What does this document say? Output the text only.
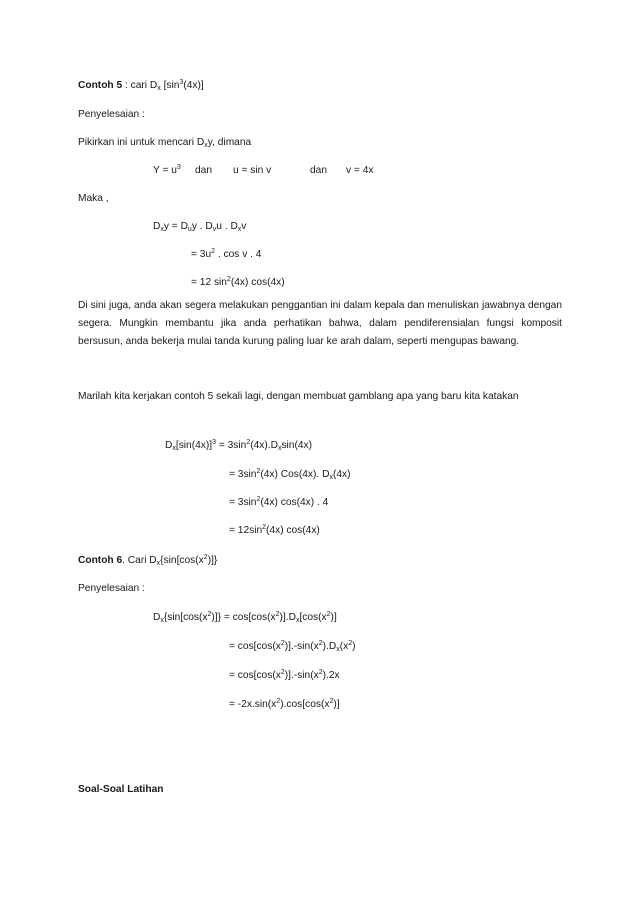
Contoh 5 : cari $D_x$ $[\sin^3(4x)]$
Penyelesaian :
Pikirkan ini untuk mencari $D_xy$, dimana
$Y = u^3$ dan u = sin v	dan v = 4x
Maka ,
$D_xy = D_uy$ . $D_vu$ . $D_xv$
= $3u^2$ . cos v . 4
= 12 $\sin^2(4x)$ cos(4x)
Di sini juga, anda akan segera melakukan penggantian ini dalam kepala dan menuliskan jawabnya dengan segera. Mungkin membantu jika anda perhatikan bahwa, dalam pendiferensialan fungsi komposit bersusun, anda bekerja mulai tanda kurung paling luar ke arah dalam, seperti mengupas bawang.
Marilah kita kerjakan contoh 5 sekali lagi, dengan membuat gamblang apa yang baru kita katakan
$D_x[\sin(4x)]^3 = 3\sin^2(4x).D_x\sin(4x)$
= $3\sin^2(4x)$ Cos(4x). $D_x(4x)$
= $3\sin^2(4x)$ cos(4x) . 4
= $12\sin^2(4x)$ cos(4x)
Contoh 6. Cari $D_x\{\sin[\cos(x^2)]\}$
Penyelesaian :
$D_x\{\sin[\cos(x^2)]\} = \cos[\cos(x^2)].D_x[\cos(x^2)]$
= $\cos[\cos(x^2)].-\sin(x^2).D_x(x^2)$
= $\cos[\cos(x^2)].-\sin(x^2).2x$
= $-2x.\sin(x^2).\cos[\cos(x^2)]$
Soal-Soal Latihan
